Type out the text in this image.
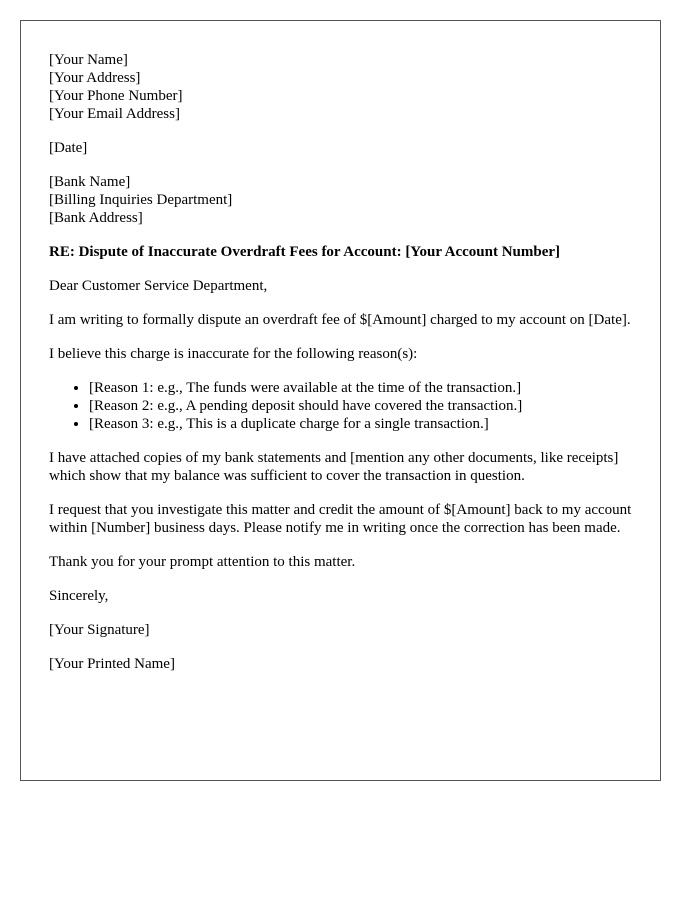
[Your Name]
[Your Address]
[Your Phone Number]
[Your Email Address]
[Date]
[Bank Name]
[Billing Inquiries Department]
[Bank Address]
RE: Dispute of Inaccurate Overdraft Fees for Account: [Your Account Number]

Dear Customer Service Department,

I am writing to formally dispute an overdraft fee of $[Amount] charged to my account on [Date].

I believe this charge is inaccurate for the following reason(s):

• [Reason 1: e.g., The funds were available at the time of the transaction.]
• [Reason 2: e.g., A pending deposit should have covered the transaction.]
• [Reason 3: e.g., This is a duplicate charge for a single transaction.]

I have attached copies of my bank statements and [mention any other documents, like receipts] which show that my balance was sufficient to cover the transaction in question.

I request that you investigate this matter and credit the amount of $[Amount] back to my account within [Number] business days. Please notify me in writing once the correction has been made.

Thank you for your prompt attention to this matter.

Sincerely,

[Your Signature]

[Your Printed Name]
